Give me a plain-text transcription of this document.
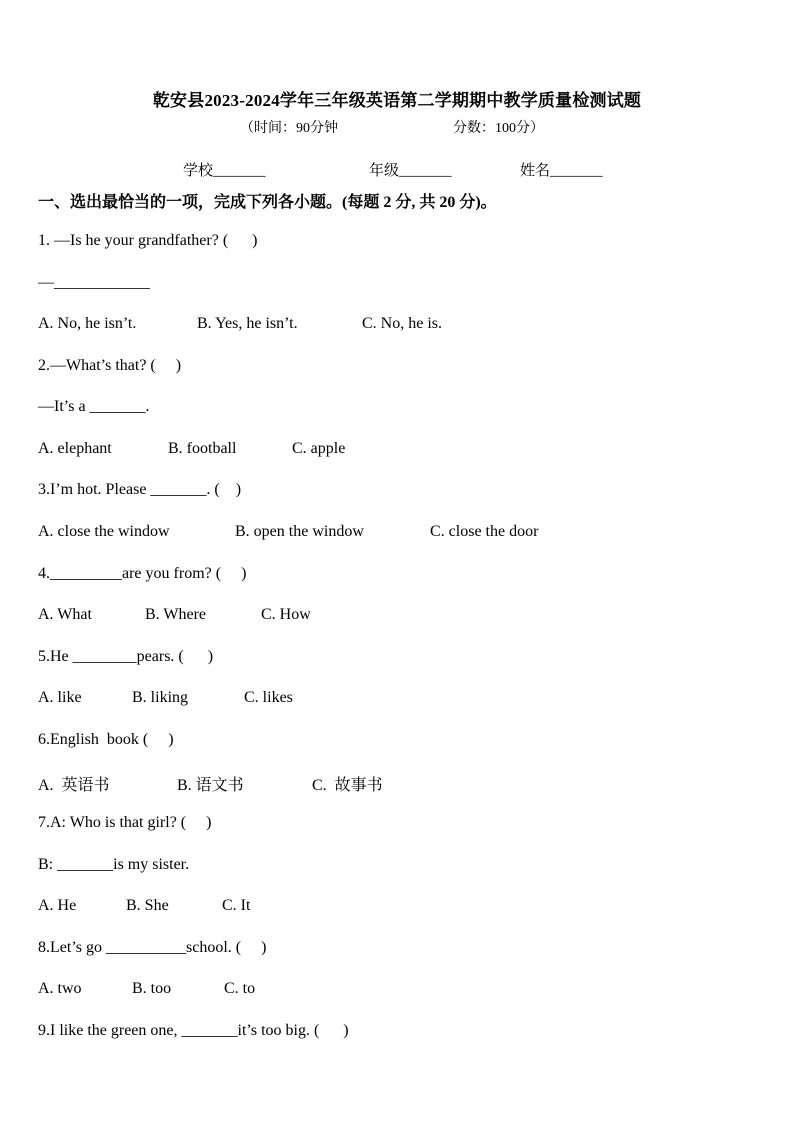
乾安县2023-2024学年三年级英语第二学期期中教学质量检测试题
（时间：90分钟	分数：100分）
学校_______	年级_______	姓名_______
一、选出最恰当的一项，完成下列各小题。(每题 2 分, 共 20 分)。
1. —Is he your grandfather? (      )
—____________
A. No, he isn’t.	B. Yes, he isn’t.	C. No, he is.
2.—What’s that? (     )
—It’s a _______.
A. elephant	B. football	C. apple
3.I’m hot. Please _______. (    )
A. close the window	B. open the window	C. close the door
4._________are you from? (     )
A. What	B. Where	C. How
5.He ________pears. (      )
A. like	B. liking	C. likes
6.English  book (     )
A.  英语书	B. 语文书	C.  故事书
7.A: Who is that girl? (     )
B: _______is my sister.
A. He	B. She	C. It
8.Let’s go __________school. (     )
A. two	B. too	C. to
9.I like the green one, _______it’s too big. (      )
